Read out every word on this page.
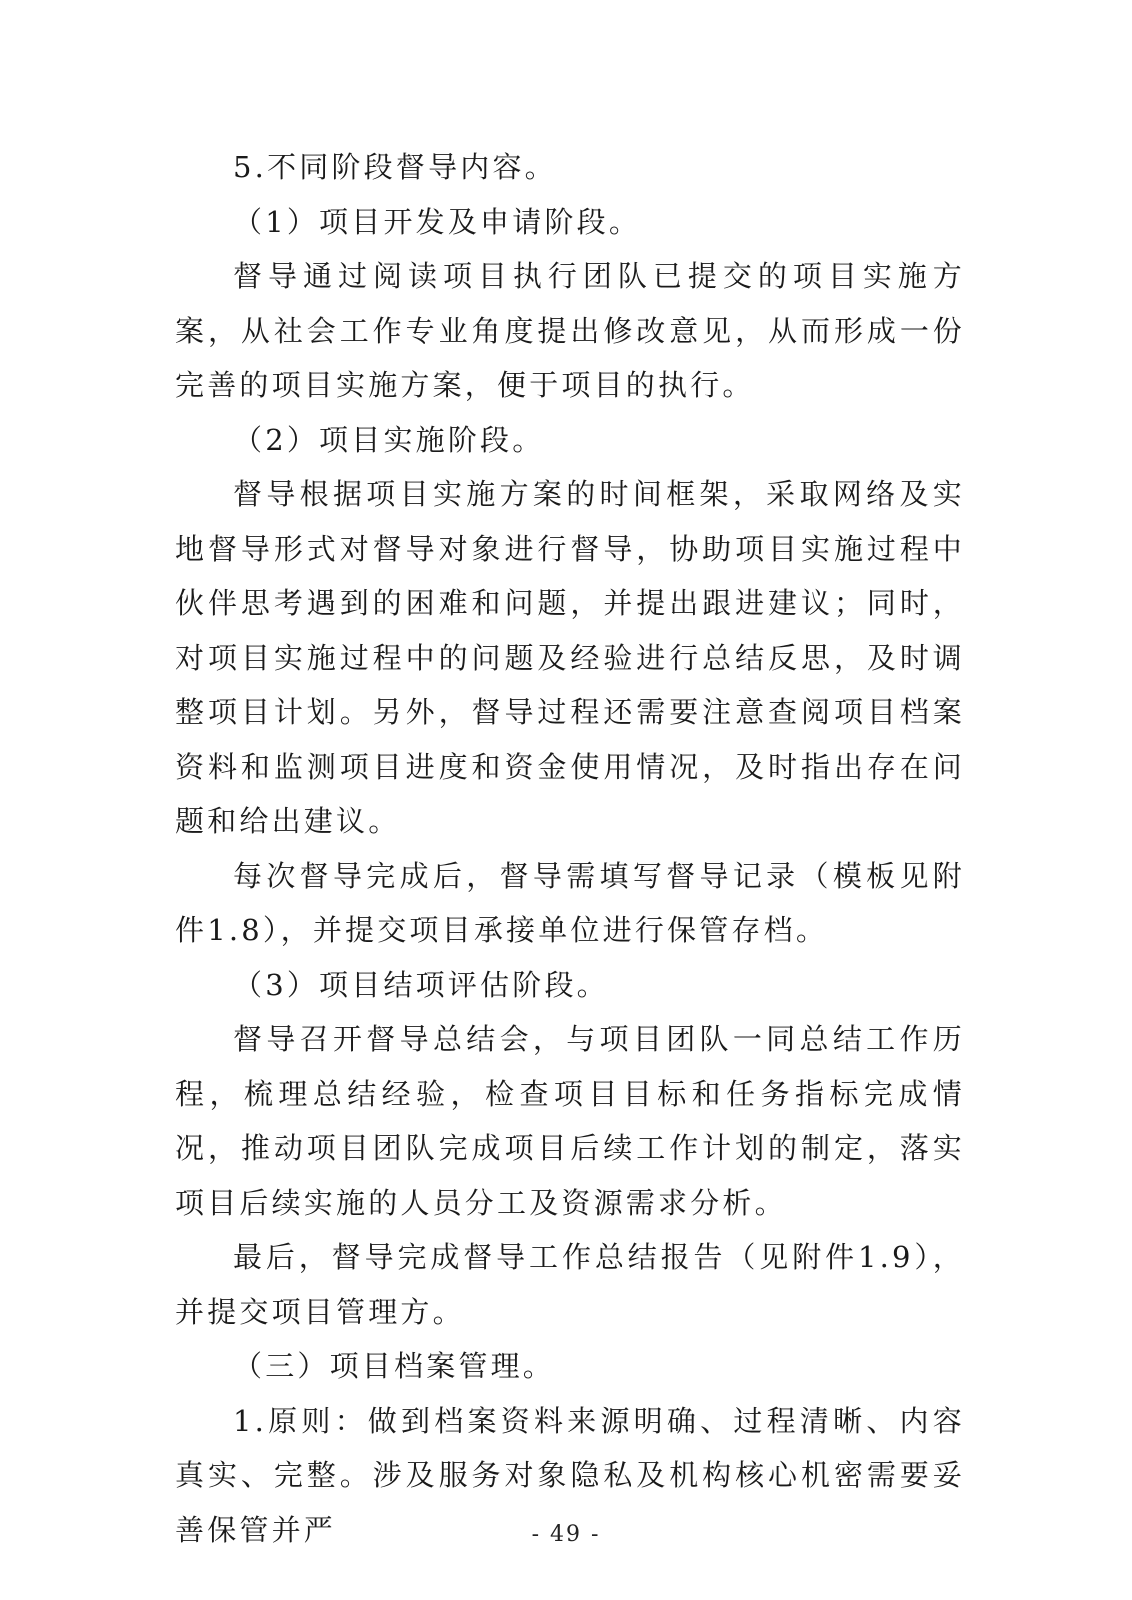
5.不同阶段督导内容。

（1）项目开发及申请阶段。

督导通过阅读项目执行团队已提交的项目实施方案，从社会工作专业角度提出修改意见，从而形成一份完善的项目实施方案，便于项目的执行。

（2）项目实施阶段。

督导根据项目实施方案的时间框架，采取网络及实地督导形式对督导对象进行督导，协助项目实施过程中伙伴思考遇到的困难和问题，并提出跟进建议；同时，对项目实施过程中的问题及经验进行总结反思，及时调整项目计划。另外，督导过程还需要注意查阅项目档案资料和监测项目进度和资金使用情况，及时指出存在问题和给出建议。

每次督导完成后，督导需填写督导记录（模板见附件1.8），并提交项目承接单位进行保管存档。

（3）项目结项评估阶段。

督导召开督导总结会，与项目团队一同总结工作历程，梳理总结经验，检查项目目标和任务指标完成情况，推动项目团队完成项目后续工作计划的制定，落实项目后续实施的人员分工及资源需求分析。

最后，督导完成督导工作总结报告（见附件1.9），并提交项目管理方。

（三）项目档案管理。

1.原则：做到档案资料来源明确、过程清晰、内容真实、完整。涉及服务对象隐私及机构核心机密需要妥善保管并严	- 49 -
